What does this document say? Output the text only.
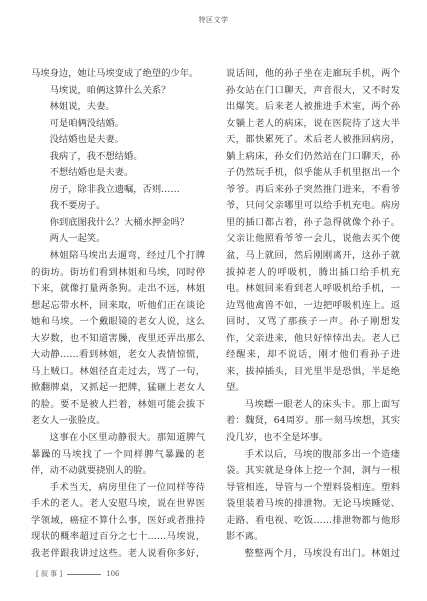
特区文学

马埃身边，她让马埃变成了绝望的少年。

马埃说，咱俩这算什么关系？

林姐说，夫妻。

可是咱俩没结婚。

没结婚也是夫妻。

我病了，我不想结婚。

不想结婚也是夫妻。

房子，除非我立遗嘱，否则……

我不要房子。

你到底图我什么？大桶水押金吗？

两人一起笑。

林姐陪马埃出去遛弯，经过几个打牌的街坊。街坊们看到林姐和马埃，同时停下来，就像打量两条狗。走出不远，林姐想起忘带水杯，回来取，听他们正在谈论她和马埃。一个戴眼镜的老女人说，这么大岁数，也不知道害臊，夜里还弄出那么大动静……看到林姐，老女人表情惊慌，马上贼口。林姐径直走过去，骂了一句，掀翻牌桌，又抓起一把牌，猛砸上老女人的脸。要不是被人拦着，林姐可能会拔下老女人一张脸皮。

这事在小区里动静很大。那知道脾气暴躁的马埃找了一个同样脾气暴躁的老伴，动不动就要挠别人的脸。

手术当天，病房里住了一位同样等待手术的老人。老人安慰马埃，说在世界医学领域，癌症不算什么事，医好或者推持现状的概率超过百分之七十……马埃说，我老伴跟我讲过这些。老人说看你多好，

说话间，他的孙子坐在走廊玩手机，两个孙女站在门口聊天，声音很大，又不时发出爆笑。后来老人被推进手术室，两个孙女躺上老人的病床，说在医院待了这大半天，都快累死了。术后老人被推回病房，躺上病床，孙女们仍然站在门口聊天，孙子仍然玩手机，似乎能从手机里抠出一个爷爷。再后来孙子突然推门进来，不看爷爷，只问父亲哪里可以给手机充电。病房里的插口都占着，孙子急得就像个孙子。父亲让他照看爷爷一会儿，说他去买个便盆，马上就回，然后刚刚离开，这孙子就拔掉老人的呼吸机，腾出插口给手机充电。林姐回来看到老人呼吸机给手机，一边骂他禽兽不如，一边把呼吸机连上。返回时，又骂了那孩子一声。孙子刚想发作，父亲进来，他只好悻悻出去。老人已经醒来，却不说话，刚才他们看孙子进来，拔掉插头，目光里半是恐惧，半是绝望。

马埃瞟一眼老人的床头卡。那上面写着：魏贤，64周岁。那一刻马埃想，其实没几岁，也不全是坏事。

手术以后，马埃的腹部多出一个造瘘袋。其实就是身体上挖一个洞，洞与一根导管相连，导管与一个塑料袋相连。塑料袋里装着马埃的排泄物。无论马埃睡觉、走路、看电视、吃饭……排泄物都与他形影不离。

整整两个月，马埃没有出门。林姐过

[ 叙 事 ]	106
